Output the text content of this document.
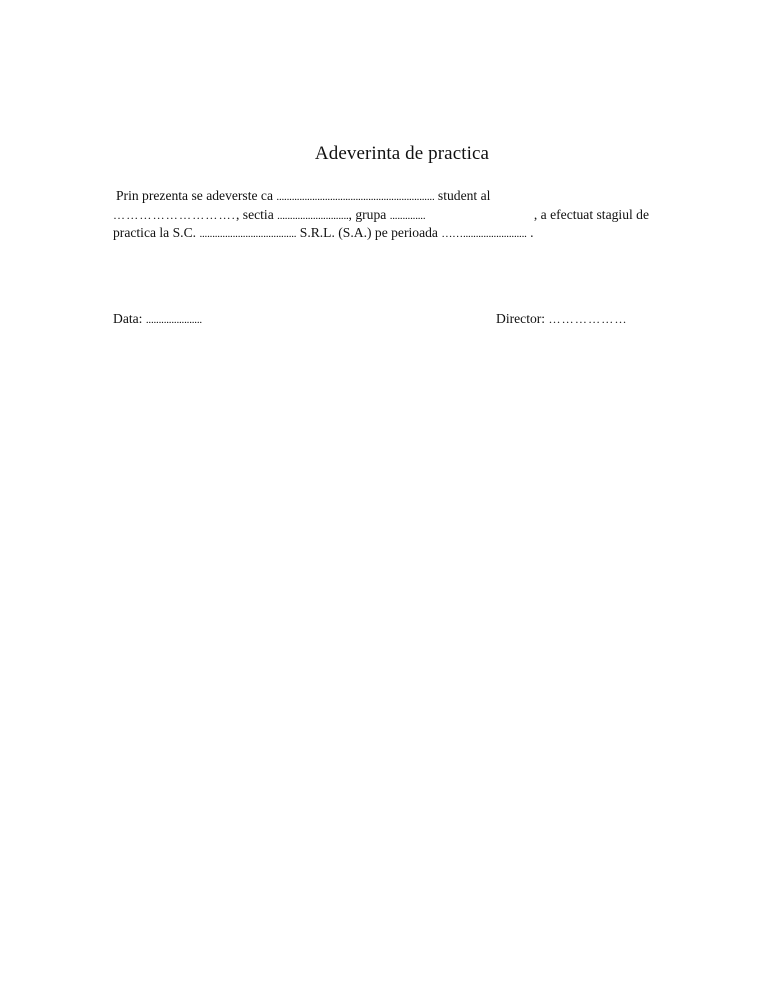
Adeverinta de practica
Prin prezenta se adeverste ca .............................................................. student al
………………………., sectia ............................, grupa ..............	, a efectuat stagiul de
practica la S.C. ...................................... S.R.L. (S.A.) pe perioada ……......................... .
Data: ......................	Director: ………………
